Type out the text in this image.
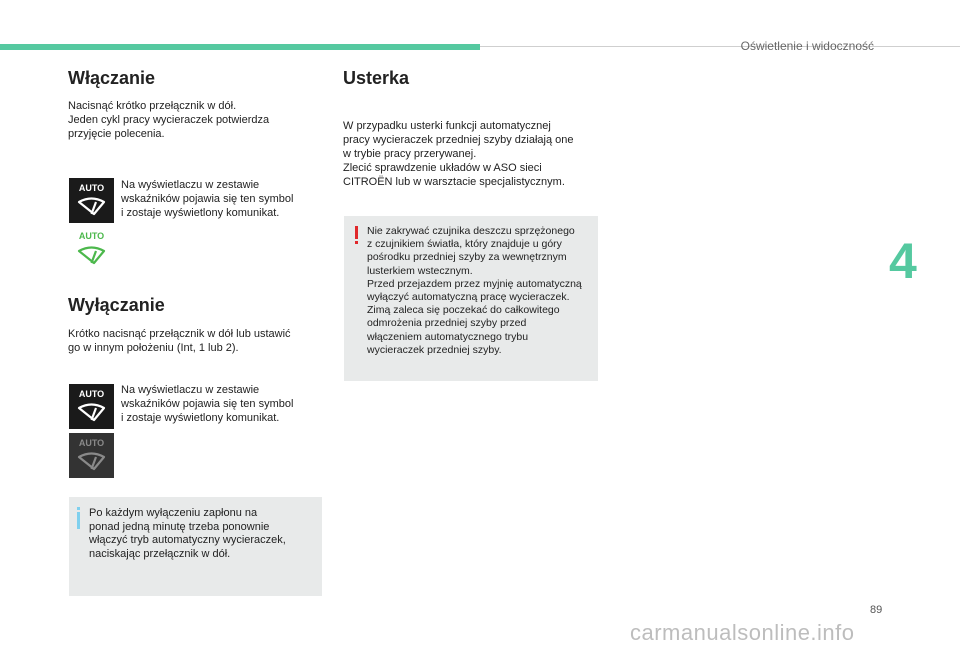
Oświetlenie i widoczność
Włączanie

Nacisnąć krótko przełącznik w dół.
Jeden cykl pracy wycieraczek potwierdza
przyjęcie polecenia.

AUTO Na wyświetlaczu w zestawie
wskaźników pojawia się ten symbol
i zostaje wyświetlony komunikat.

AUTO
Wyłączanie

Krótko nacisnąć przełącznik w dół lub ustawić
go w innym położeniu (Int, 1 lub 2).

AUTO Na wyświetlaczu w zestawie
wskaźników pojawia się ten symbol
i zostaje wyświetlony komunikat.

AUTO

Po każdym wyłączeniu zapłonu na
ponad jedną minutę trzeba ponownie
włączyć tryb automatyczny wycieraczek,
naciskając przełącznik w dół.

Usterka

W przypadku usterki funkcji automatycznej
pracy wycieraczek przedniej szyby działają one
w trybie pracy przerywanej.
Zlecić sprawdzenie układów w ASO sieci
CITROËN lub w warsztacie specjalistycznym.

Nie zakrywać czujnika deszczu sprzężonego
z czujnikiem światła, który znajduje u góry
pośrodku przedniej szyby za wewnętrznym
lusterkiem wstecznym.
Przed przejazdem przez myjnię automatyczną
wyłączyć automatyczną pracę wycieraczek.
Zimą zaleca się poczekać do całkowitego
odmrożenia przedniej szyby przed
włączeniem automatycznego trybu
wycieraczek przedniej szyby.

4
89
carmanualsonline.info
